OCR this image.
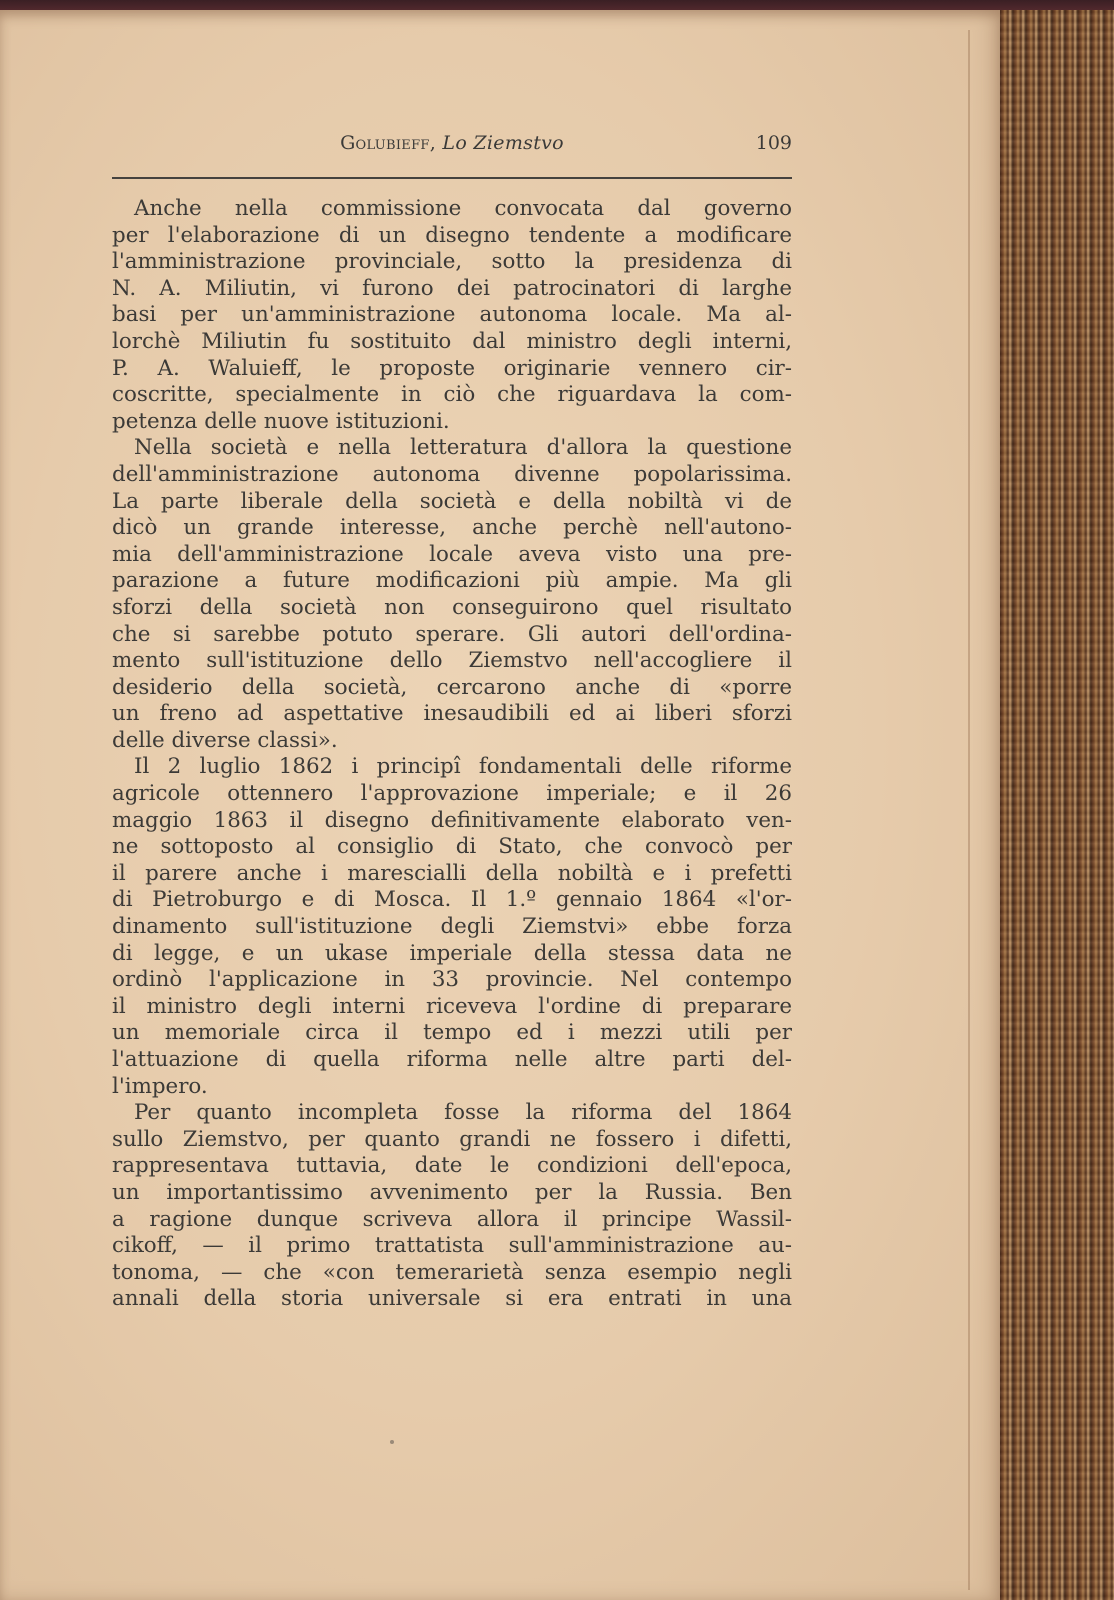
Golubieff, Lo Ziemstvo	109
Anche nella commissione convocata dal governo
per l'elaborazione di un disegno tendente a modificare
l'amministrazione provinciale, sotto la presidenza di
N. A. Miliutin, vi furono dei patrocinatori di larghe
basi per un'amministrazione autonoma locale. Ma al-
lorchè Miliutin fu sostituito dal ministro degli interni,
P. A. Waluieff, le proposte originarie vennero cir-
coscritte, specialmente in ciò che riguardava la com-
petenza delle nuove istituzioni.
Nella società e nella letteratura d'allora la questione
dell'amministrazione autonoma divenne popolarissima.
La parte liberale della società e della nobiltà vi de
dicò un grande interesse, anche perchè nell'autono-
mia dell'amministrazione locale aveva visto una pre-
parazione a future modificazioni più ampie. Ma gli
sforzi della società non conseguirono quel risultato
che si sarebbe potuto sperare. Gli autori dell'ordina-
mento sull'istituzione dello Ziemstvo nell'accogliere il
desiderio della società, cercarono anche di «porre
un freno ad aspettative inesaudibili ed ai liberi sforzi
delle diverse classi».
Il 2 luglio 1862 i principî fondamentali delle riforme
agricole ottennero l'approvazione imperiale; e il 26
maggio 1863 il disegno definitivamente elaborato ven-
ne sottoposto al consiglio di Stato, che convocò per
il parere anche i marescialli della nobiltà e i prefetti
di Pietroburgo e di Mosca. Il 1.º gennaio 1864 «l'or-
dinamento sull'istituzione degli Ziemstvi» ebbe forza
di legge, e un ukase imperiale della stessa data ne
ordinò l'applicazione in 33 provincie. Nel contempo
il ministro degli interni riceveva l'ordine di preparare
un memoriale circa il tempo ed i mezzi utili per
l'attuazione di quella riforma nelle altre parti del-
l'impero.
Per quanto incompleta fosse la riforma del 1864
sullo Ziemstvo, per quanto grandi ne fossero i difetti,
rappresentava tuttavia, date le condizioni dell'epoca,
un importantissimo avvenimento per la Russia. Ben
a ragione dunque scriveva allora il principe Wassil-
cikoff, — il primo trattatista sull'amministrazione au-
tonoma, — che «con temerarietà senza esempio negli
annali della storia universale si era entrati in una
